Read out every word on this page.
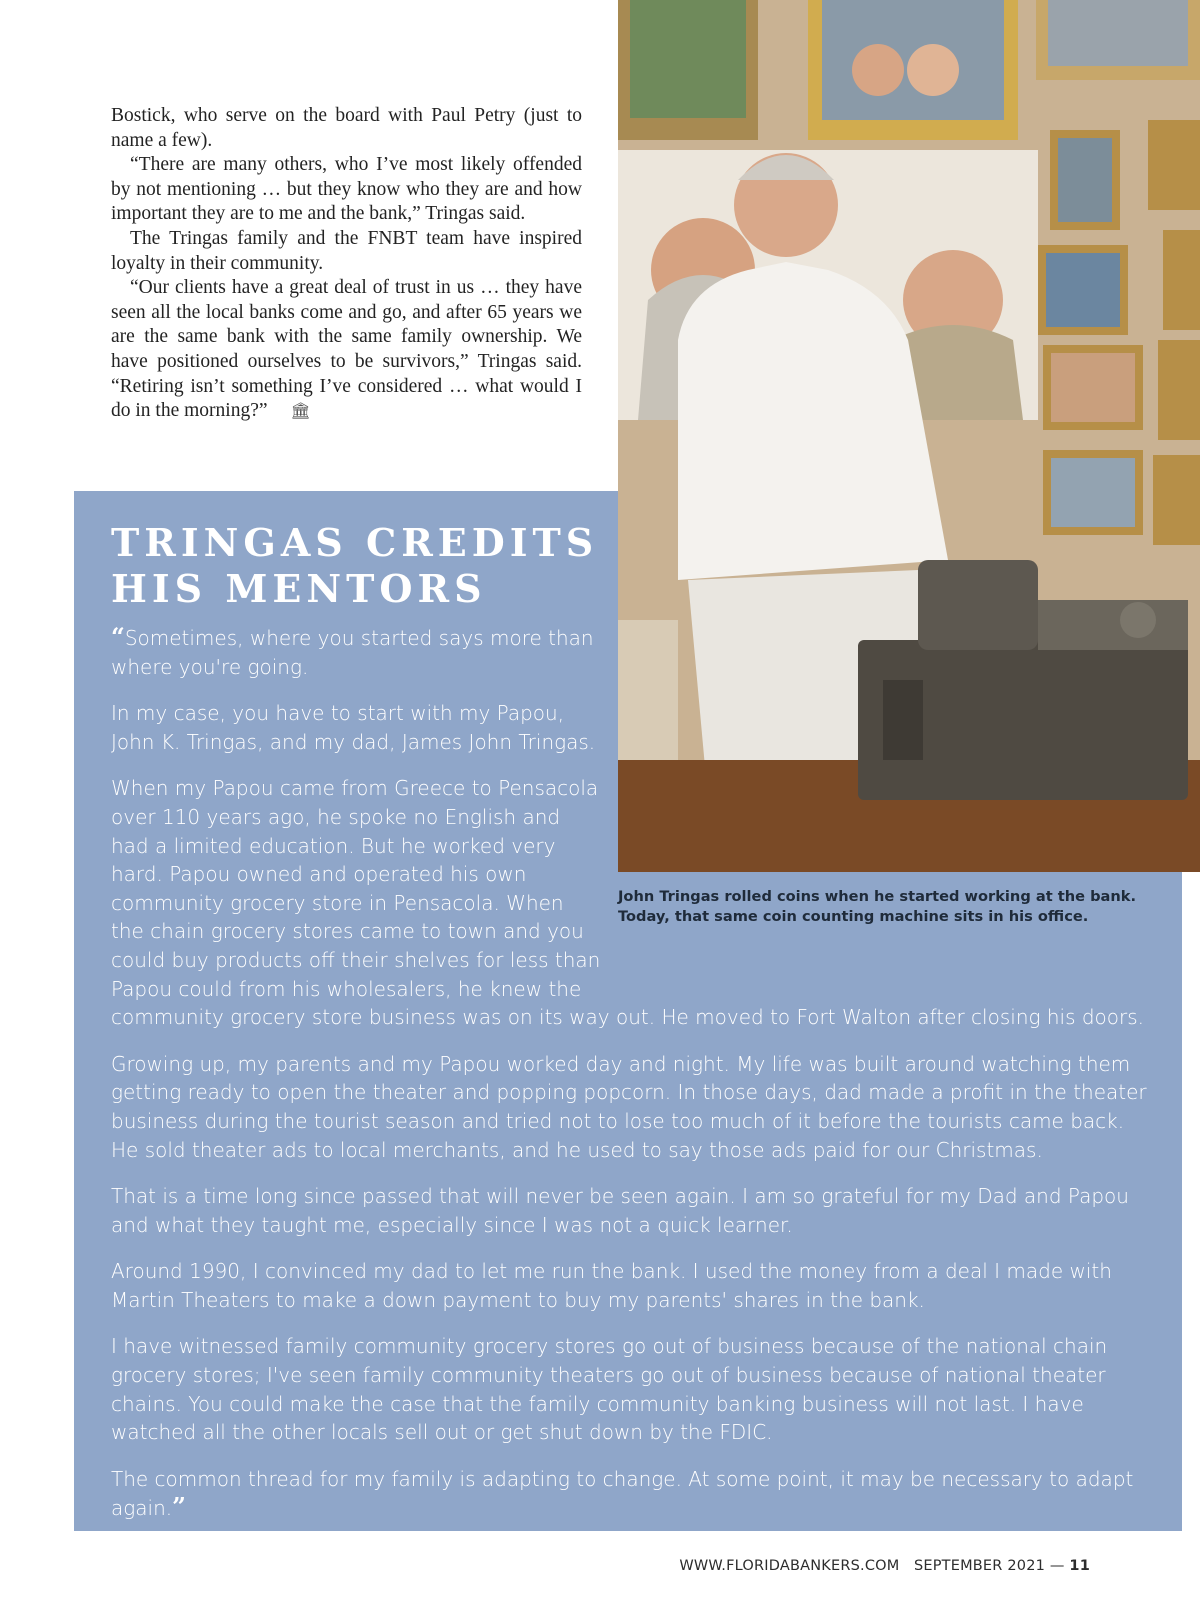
Bostick, who serve on the board with Paul Petry (just to name a few).

“There are many others, who I’ve most likely offended by not mentioning … but they know who they are and how important they are to me and the bank,” Tringas said.

The Tringas family and the FNBT team have inspired loyalty in their community.

“Our clients have a great deal of trust in us … they have seen all the local banks come and go, and after 65 years we are the same bank with the same family ownership. We have positioned ourselves to be survivors,” Tringas said. “Retiring isn’t something I’ve considered … what would I do in the morning?” 🏛

John Tringas rolled coins when he started working at the bank.
Today, that same coin counting machine sits in his office.
TRINGAS CREDITS
HIS MENTORS

“Sometimes, where you started says more than where you're going.

In my case, you have to start with my Papou, John K. Tringas, and my dad, James John Tringas.

When my Papou came from Greece to Pensacola over 110 years ago, he spoke no English and had a limited education. But he worked very hard. Papou owned and operated his own community grocery store in Pensacola. When the chain grocery stores came to town and you could buy products off their shelves for less than Papou could from his wholesalers, he knew the community grocery store business was on its way out. He moved to Fort Walton after closing his doors.

Growing up, my parents and my Papou worked day and night. My life was built around watching them getting ready to open the theater and popping popcorn. In those days, dad made a profit in the theater business during the tourist season and tried not to lose too much of it before the tourists came back. He sold theater ads to local merchants, and he used to say those ads paid for our Christmas.

That is a time long since passed that will never be seen again. I am so grateful for my Dad and Papou and what they taught me, especially since I was not a quick learner.

Around 1990, I convinced my dad to let me run the bank. I used the money from a deal I made with Martin Theaters to make a down payment to buy my parents' shares in the bank.

I have witnessed family community grocery stores go out of business because of the national chain grocery stores; I've seen family community theaters go out of business because of national theater chains. You could make the case that the family community banking business will not last. I have watched all the other locals sell out or get shut down by the FDIC.

The common thread for my family is adapting to change. At some point, it may be necessary to adapt again.”

WWW.FLORIDABANKERS.COM SEPTEMBER 2021 — 11
